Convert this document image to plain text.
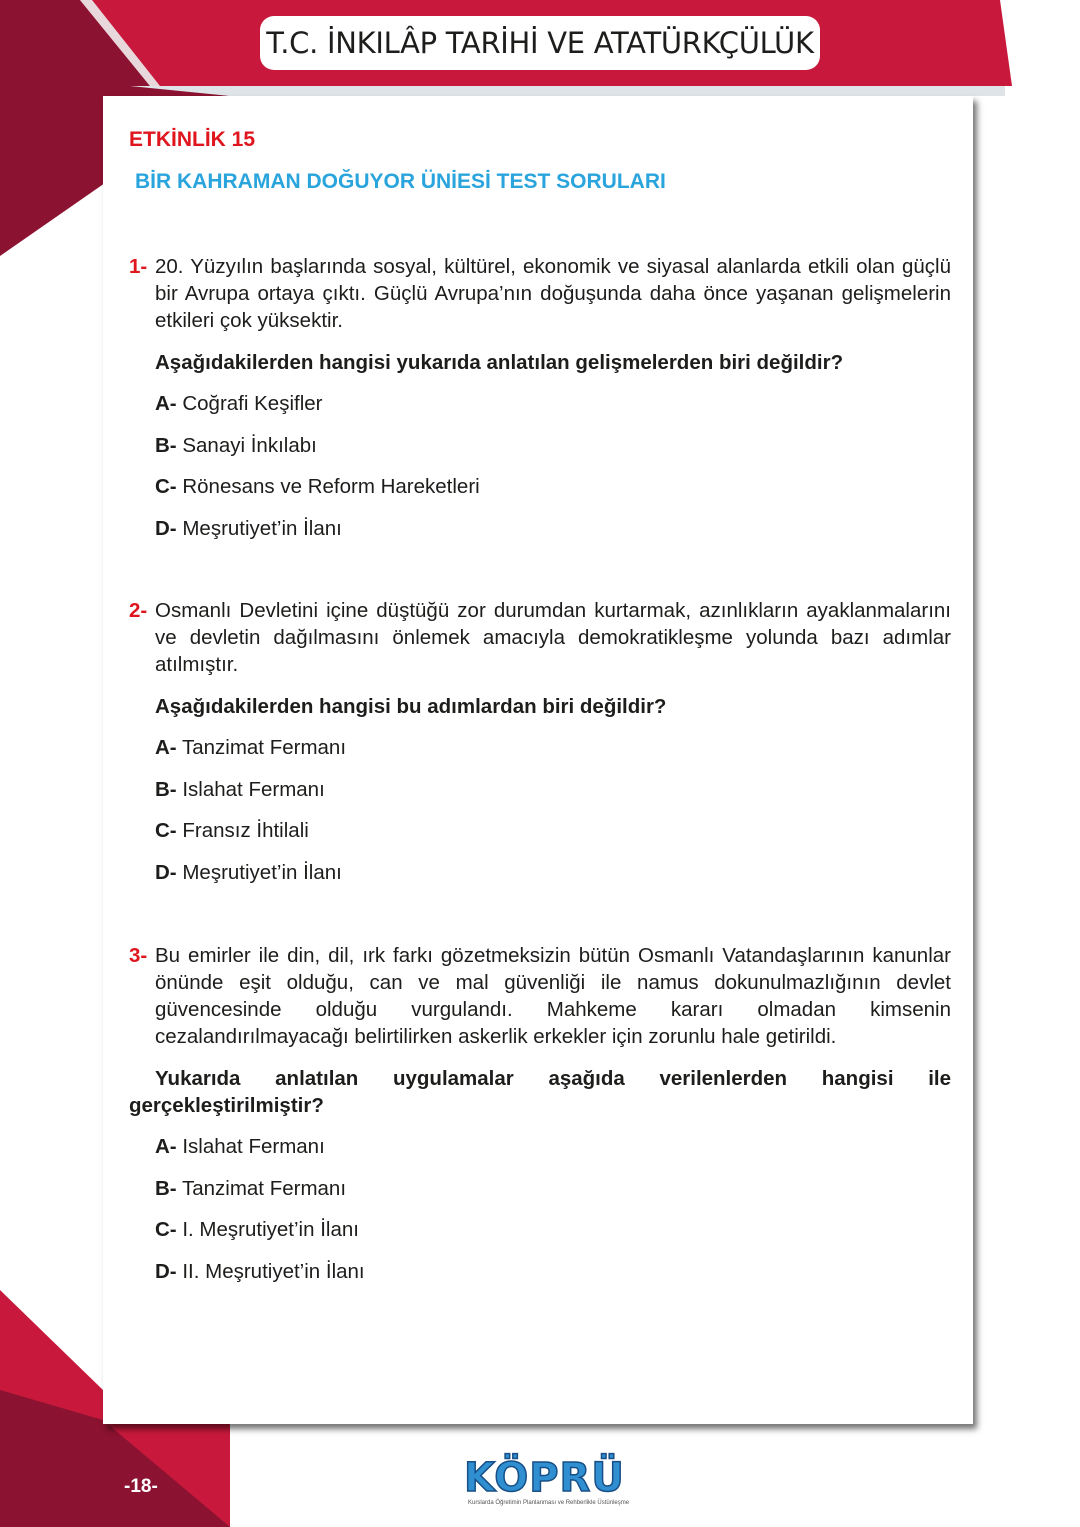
T.C. İNKILÂP TARİHİ VE ATATÜRKÇÜLÜK
ETKİNLİK 15
BİR KAHRAMAN DOĞUYOR ÜNİESİ TEST SORULARI
1- 20. Yüzyılın başlarında sosyal, kültürel, ekonomik ve siyasal alanlarda etkili olan güçlü bir Avrupa ortaya çıktı. Güçlü Avrupa’nın doğuşunda daha önce yaşanan gelişmelerin etkileri çok yüksektir.
Aşağıdakilerden hangisi yukarıda anlatılan gelişmelerden biri değildir?
A- Coğrafi Keşifler
B- Sanayi İnkılabı
C- Rönesans ve Reform Hareketleri
D- Meşrutiyet’in İlanı
2- Osmanlı Devletini içine düştüğü zor durumdan kurtarmak, azınlıkların ayaklanmalarını ve devletin dağılmasını önlemek amacıyla demokratikleşme yolunda bazı adımlar atılmıştır.
Aşağıdakilerden hangisi bu adımlardan biri değildir?
A- Tanzimat Fermanı
B- Islahat Fermanı
C- Fransız İhtilali
D- Meşrutiyet’in İlanı
3- Bu emirler ile din, dil, ırk farkı gözetmeksizin bütün Osmanlı Vatandaşlarının kanunlar önünde eşit olduğu, can ve mal güvenliği ile namus dokunulmazlığının devlet güvencesinde olduğu vurgulandı. Mahkeme kararı olmadan kimsenin cezalandırılmayacağı belirtilirken askerlik erkekler için zorunlu hale getirildi.
Yukarıda anlatılan uygulamalar aşağıda verilenlerden hangisi ile gerçekleştirilmiştir?
A- Islahat Fermanı
B- Tanzimat Fermanı
C- I. Meşrutiyet’in İlanı
D- II. Meşrutiyet’in İlanı
-18-	KÖPRÜ
Kurslarda Öğretimin Planlanması ve Rehberlikle Üstünleşme
